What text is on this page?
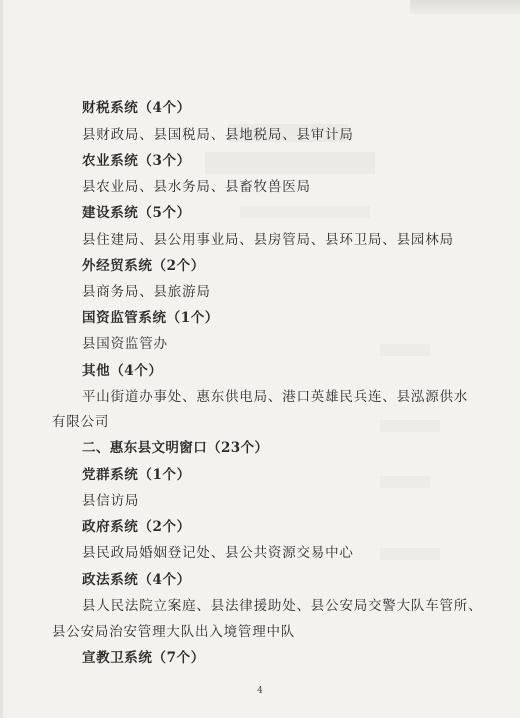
财税系统（4个）
县财政局、县国税局、县地税局、县审计局
农业系统（3个）
县农业局、县水务局、县畜牧兽医局
建设系统（5个）
县住建局、县公用事业局、县房管局、县环卫局、县园林局
外经贸系统（2个）
县商务局、县旅游局
国资监管系统（1个）
县国资监管办
其他（4个）
平山街道办事处、惠东供电局、港口英雄民兵连、县泓源供水
有限公司
二、惠东县文明窗口（23个）
党群系统（1个）
县信访局
政府系统（2个）
县民政局婚姻登记处、县公共资源交易中心
政法系统（4个）
县人民法院立案庭、县法律援助处、县公安局交警大队车管所、
县公安局治安管理大队出入境管理中队
宣教卫系统（7个）
4
